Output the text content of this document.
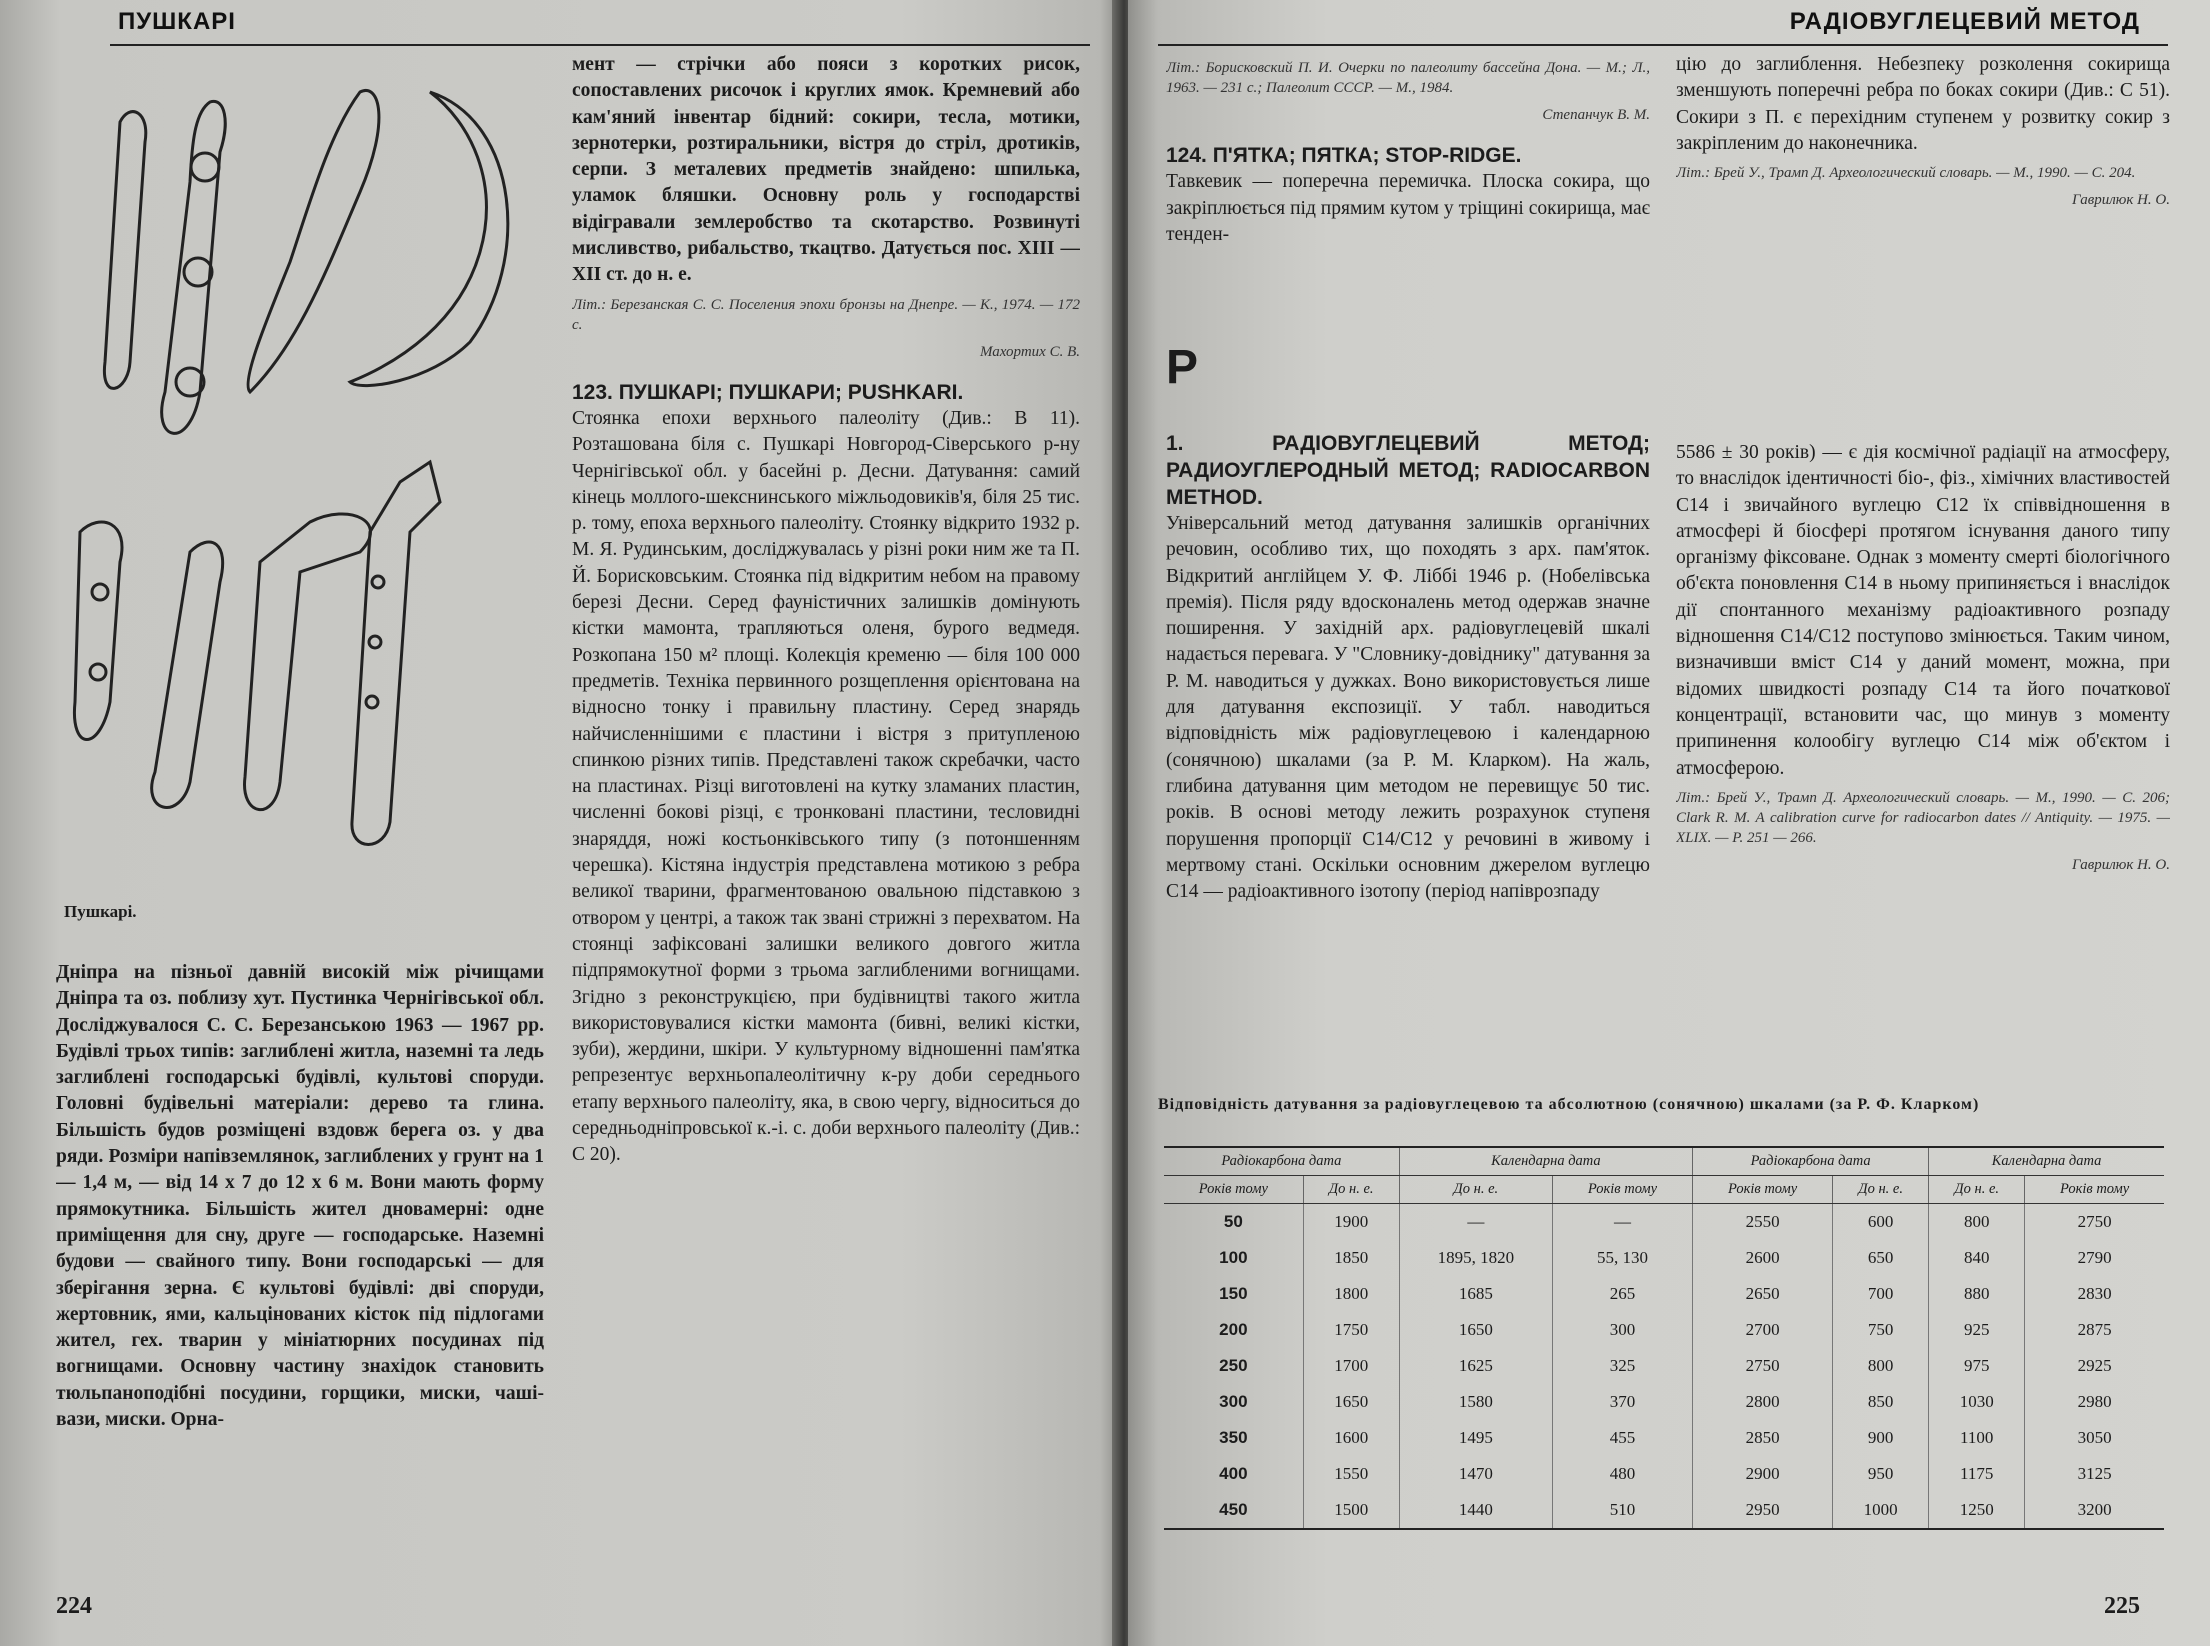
ПУШКАРІ
Пушкарі.

Дніпра на пізньої давній високій між річищами Дніпра та оз. поблизу хут. Пустинка Чернігівської обл. Досліджувалося С. С. Березанською 1963 — 1967 рр. Будівлі трьох типів: заглиблені житла, наземні та ледь заглиблені господарські будівлі, культові споруди. Головні будівельні матеріали: дерево та глина. Більшість будов розміщені вздовж берега оз. у два ряди. Розміри напівземлянок, заглиблених у грунт на 1 — 1,4 м, — від 14 х 7 до 12 х 6 м. Вони мають форму прямокутника. Більшість жител дновамерні: одне приміщення для сну, друге — господарське. Наземні будови — свайного типу. Вони господарські — для зберігання зерна. Є культові будівлі: дві споруди, жертовник, ями, кальцінованих кісток під підлогами жител, гех. тварин у мініатюрних посудинах під вогнищами. Основну частину знахідок становить тюльпаноподібні посудини, горщики, миски, чаші-вази, миски. Орна-

мент — стрічки або пояси з коротких рисок, сопоставлених рисочок і круглих ямок. Кремневий або кам'яний інвентар бідний: сокири, тесла, мотики, зернотерки, розтиральники, вістря до стріл, дротиків, серпи. З металевих предметів знайдено: шпилька, уламок бляшки. Основну роль у господарстві відігравали землеробство та скотарство. Розвинуті мисливство, рибальство, ткацтво. Датується пос. XIII — XII ст. до н. е.

Літ.: Березанская С. С. Поселения эпохи бронзы на Днепре. — К., 1974. — 172 с.
Махортих С. В.
123. ПУШКАРІ; ПУШКАРИ; PUSHKARI.

Стоянка епохи верхнього палеоліту (Див.: В 11). Розташована біля с. Пушкарі Новгород-Сіверського р-ну Чернігівської обл. у басейні р. Десни. Датування: самий кінець моллого-шекснинського міжльодовиків'я, біля 25 тис. р. тому, епоха верхнього палеоліту. Стоянку відкрито 1932 р. М. Я. Рудинським, досліджувалась у різні роки ним же та П. Й. Борисковським. Стоянка під відкритим небом на правому березі Десни. Серед фауністичних залишків домінують кістки мамонта, трапляються оленя, бурого ведмедя. Розкопана 150 м² площі. Колекція кременю — біля 100 000 предметів. Техніка первинного розщеплення орієнтована на відносно тонку і правильну пластину. Серед знарядь найчисленнішими є пластини і вістря з притупленою спинкою різних типів. Представлені також скребачки, часто на пластинах. Різці виготовлені на кутку зламаних пластин, численні бокові різці, є тронковані пластини, тесловидні знаряддя, ножі костьонківського типу (з потоншенням черешка). Кістяна індустрія представлена мотикою з ребра великої тварини, фрагментованою овальною підставкою з отвором у центрі, а також так звані стрижні з перехватом. На стоянці зафіксовані залишки великого довгого житла підпрямокутної форми з трьома заглибленими вогнищами. Згідно з реконструкцією, при будівництві такого житла використовувалися кістки мамонта (бивні, великі кістки, зуби), жердини, шкіри. У культурному відношенні пам'ятка репрезентує верхньопалеолітичну к-ру доби середнього етапу верхнього палеоліту, яка, в свою чергу, відноситься до середньодніпровської к.-і. с. доби верхнього палеоліту (Див.: С 20).

224
РАДІОВУГЛЕЦЕВИЙ МЕТОД
Літ.: Борисковский П. И. Очерки по палеолиту бассейна Дона. — М.; Л., 1963. — 231 с.; Палеолит СССР. — М., 1984.
Степанчук В. М.
124. П'ЯТКА; ПЯТКА; STOP-RIDGE.

Тавкевик — поперечна перемичка. Плоска сокира, що закріплюється під прямим кутом у тріщині сокирища, має тенден-

цію до заглиблення. Небезпеку розколення сокирища зменшують поперечні ребра по боках сокири (Див.: С 51). Сокири з П. є перехідним ступенем у розвитку сокир з закріпленим до наконечника.

Літ.: Брей У., Трамп Д. Археологический словарь. — М., 1990. — С. 204.
Гаврилюк Н. О.
Р
1. РАДІОВУГЛЕЦЕВИЙ МЕТОД; РАДИОУГЛЕРОДНЫЙ МЕТОД; RADIOCARBON METHOD.

Універсальний метод датування залишків органічних речовин, особливо тих, що походять з арх. пам'яток. Відкритий англійцем У. Ф. Ліббі 1946 р. (Нобелівська премія). Після ряду вдосконалень метод одержав значне поширення. У західній арх. радіовуглецевій шкалі надається перевага. У "Словнику-довіднику" датування за Р. М. наводиться у дужках. Воно використовується лише для датування експозиції. У табл. наводиться відповідність між радіовуглецевою і календарною (сонячною) шкалами (за Р. М. Кларком). На жаль, глибина датування цим методом не перевищує 50 тис. років. В основі методу лежить розрахунок ступеня порушення пропорції C14/C12 у речовині в живому і мертвому стані. Оскільки основним джерелом вуглецю C14 — радіоактивного ізотопу (період напіврозпаду

5586 ± 30 років) — є дія космічної радіації на атмосферу, то внаслідок ідентичності біо-, фіз., хімічних властивостей C14 і звичайного вуглецю C12 їх співвідношення в атмосфері й біосфері протягом існування даного типу організму фіксоване. Однак з моменту смерті біологічного об'єкта поновлення C14 в ньому припиняється і внаслідок дії спонтанного механізму радіоактивного розпаду відношення C14/C12 поступово змінюється. Таким чином, визначивши вміст C14 у даний момент, можна, при відомих швидкості розпаду C14 та його початкової концентрації, встановити час, що минув з моменту припинення колообігу вуглецю C14 між об'єктом і атмосферою.

Літ.: Брей У., Трамп Д. Археологический словарь. — М., 1990. — С. 206; Clark R. M. A calibration curve for radiocarbon dates // Antiquity. — 1975. — XLIX. — P. 251 — 266.
Гаврилюк Н. О.
Відповідність датування за радіовуглецевою та абсолютною (сонячною) шкалами (за Р. Ф. Кларком)
Радіокарбона дата		Календарна дата		Радіокарбона дата		Календарна дата	
Років тому	До н. е.	До н. е.	Років тому	Років тому	До н. е.	До н. е.	Років тому
50	1900	—	—	2550	600	800	2750
100	1850	1895, 1820	55, 130	2600	650	840	2790
150	1800	1685	265	2650	700	880	2830
200	1750	1650	300	2700	750	925	2875
250	1700	1625	325	2750	800	975	2925
300	1650	1580	370	2800	850	1030	2980
350	1600	1495	455	2850	900	1100	3050
400	1550	1470	480	2900	950	1175	3125
450	1500	1440	510	2950	1000	1250	3200
225
